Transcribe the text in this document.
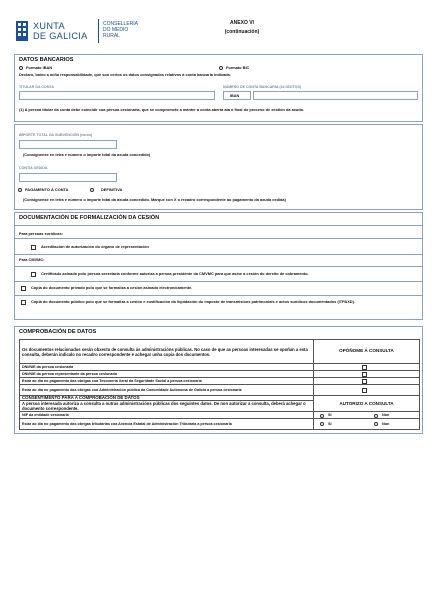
XUNTA
DE GALICIA
CONSELLERÍA
DO MEDIO
RURAL
ANEXO VI
(continuación)
DATOS BANCARIOS
Formato IBAN	Formato BIC
Declaro, baixo a miña responsabilidade, que son certos os datos consignados relativos á conta bancaria indicada.
TITULAR DA CONTA	NÚMERO DE CONTA BANCARIA (24 DÍXITOS)
IBAN
(1) A persoa titular da conta debe coincidir coa persoa cesionaria, que se compromete a manter a conta aberta ata o final do proceso de xestión da axuda.
IMPORTE TOTAL DA SUBVENCIÓN (euros)
(Consígnense en letra e número o importe total da axuda concedido)
CONTÍA CEDIDA
PAGAMENTO Á CONTA	DEFINITIVA
(Consígnense en letra e número o importe total da axuda concedido. Marque cun X o recadro correspondente ao pagamento da axuda cedida)
DOCUMENTACIÓN DE FORMALIZACIÓN DA CESIÓN
Para persoas xurídicas:
Acreditación de autorización do órgano de representación
Para CMVMC:
Certificado asinado polo persoa secretaria conforme autoriza a persoa presidente da CMVMC para que asine a cesión do dereito de cobramento.
Copia do documento privado polo que se formaliza a cesión asinado electronicamente.
Copia do documento público polo que se formaliza a cesión e xustificación da liquidación do imposto de transmisións patrimoniais e actos xurídicos documentados (ITPAXD).
COMPROBACIÓN DE DATOS
Os documentos relacionados serán obxecto de consulta ás administracións públicas. No caso de que as persoas interesadas se opoñan a esta consulta, deberán indicalo no recadro correspondente e achegar unha copia dos documentos.	OPÓÑOME Á CONSULTA
DNI/NIE da persoa cesionaria	

DNI/NIE da persoa representante da persoa cesionaria	

Estar ao día no pagamento das obrigas coa Tesourería Xeral da Seguridade Social a persoa cesionaria	

Estar ao día no pagamento das obrigas coa Administración pública da Comunidade Autónoma de Galicia a persoa cesionaria	

CONSENTIMENTO PARA A COMPROBACIÓN DE DATOS	AUTORIZO A CONSULTA
A persoa interesada autoriza a consulta a outras administracións públicas dos seguintes datos. De non autorizar a consulta, deberá achegar o documento correspondente.	
NIF da entidade cesionaria	Si Non

Estar ao día no pagamento das obrigas tributarias coa Axencia Estatal de Administración Tributaria a persoa cesionaria	Si Non
